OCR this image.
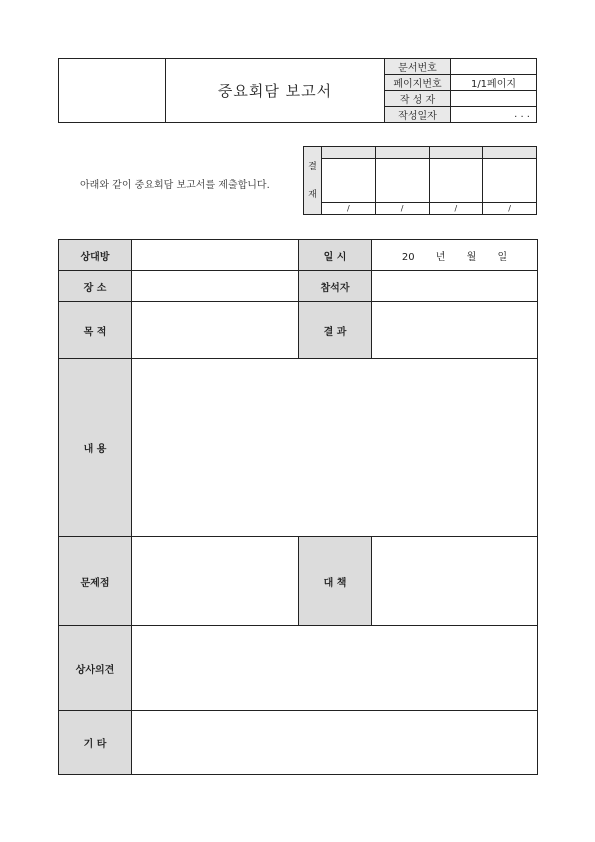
	중요회담 보고서	문서번호	
		페이지번호	1/1페이지
		작 성 자	
		작성일자	. . .
아래와 같이 중요회담 보고서를 제출합니다.
결
재				

	/	/	/	/
상대방		일 시	20 년 월 일
장 소		참석자	
목 적		결 과	
내 용			
문제점		대 책	
상사의견			
기 타			
